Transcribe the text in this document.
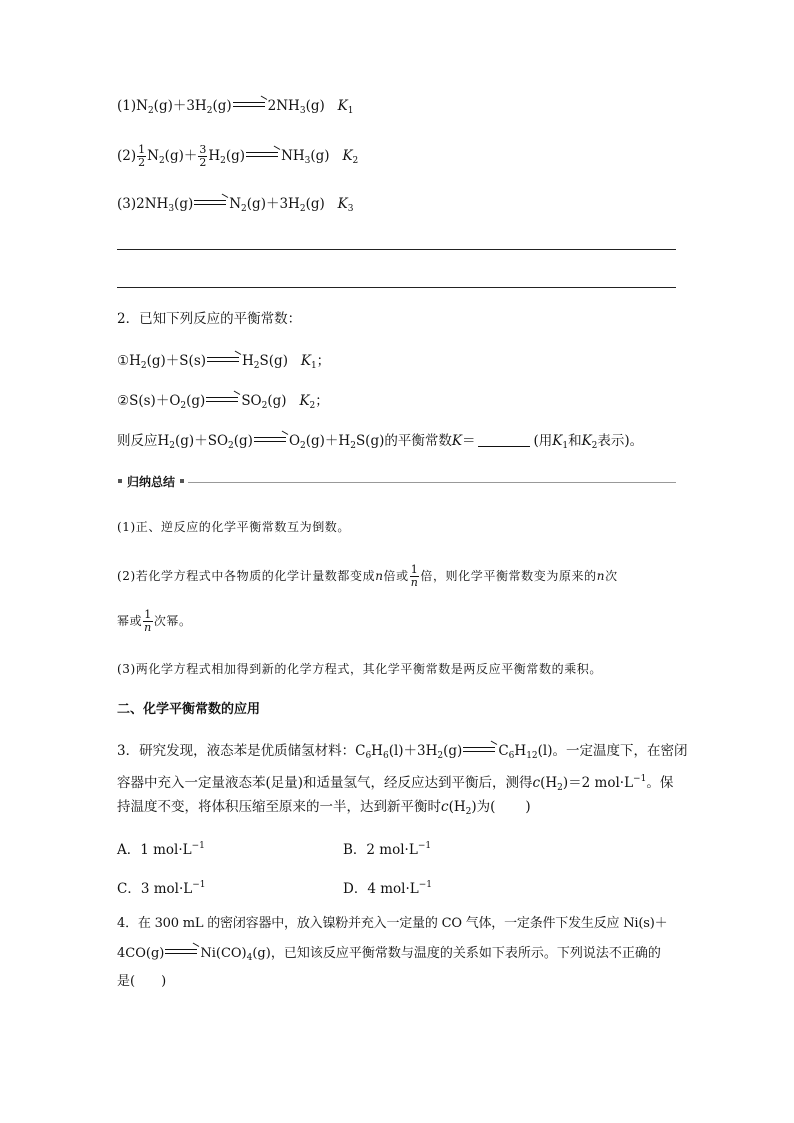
$(1)N_2(g)+3H_2(g)\to 2NH_3(g)$   $K_1$
$(2) \frac{1}{2} N_2(g)+ \frac{3}{2} H_2(g)\to NH_3(g)$   $K_2$
$(3)2NH_3(g)\to N_2(g)+3H_2(g)$   $K_3$
2．已知下列反应的平衡常数：
$①H_2(g)+S(s)\to H_2S(g)$   $K_1$；
$②S(s)+O_2(g)\to SO_2(g)$   $K_2$；
则反应$H_2(g)+SO_2(g)\to O_2(g)+H_2S(g)$的平衡常数K＝	(用$K_1$和$K_2$表示)。
归纳总结
(1)正、逆反应的化学平衡常数互为倒数。
(2)若化学方程式中各物质的化学计量数都变成n倍或 $\frac{1}{n}$ 倍，则化学平衡常数变为原来的n次
幂或 $\frac{1}{n}$ 次幂。
(3)两化学方程式相加得到新的化学方程式，其化学平衡常数是两反应平衡常数的乘积。
二、化学平衡常数的应用
3．研究发现，液态苯是优质储氢材料：$C_6H_6(l)+3H_2(g)\to C_6H_{12}(l)$。一定温度下，在密闭
容器中充入一定量液态苯(足量)和适量氢气，经反应达到平衡后，测得$c(H_2)=2$ $mol\cdot L^{-1}$。保
持温度不变，将体积压缩至原来的一半，达到新平衡时$c(H_2)$为( )
A．1 $mol\cdot L^{-1}$	B．2 $mol\cdot L^{-1}$
C．3 $mol\cdot L^{-1}$	D．4 $mol\cdot L^{-1}$
4．在 300 mL 的密闭容器中，放入镍粉并充入一定量的 CO 气体，一定条件下发生反应 Ni(s)＋
$4CO(g)\to Ni(CO)_4(g)$，已知该反应平衡常数与温度的关系如下表所示。下列说法不正确的
是(　　)
